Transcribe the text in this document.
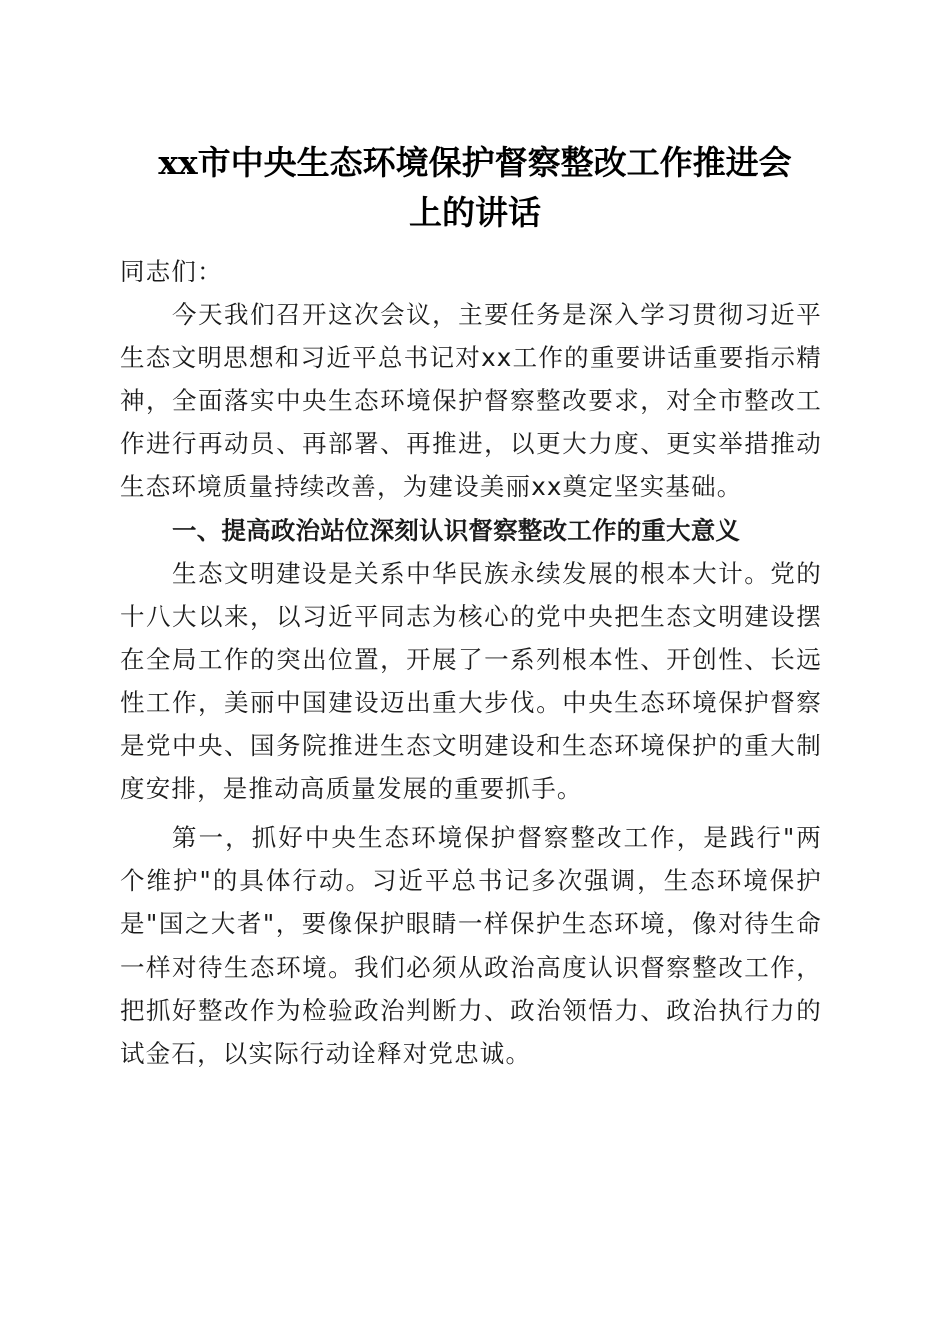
xx市中央生态环境保护督察整改工作推进会
上的讲话

同志们：

今天我们召开这次会议，主要任务是深入学习贯彻习近平生态文明思想和习近平总书记对xx工作的重要讲话重要指示精神，全面落实中央生态环境保护督察整改要求，对全市整改工作进行再动员、再部署、再推进，以更大力度、更实举措推动生态环境质量持续改善，为建设美丽xx奠定坚实基础。

一、提高政治站位深刻认识督察整改工作的重大意义

生态文明建设是关系中华民族永续发展的根本大计。党的十八大以来，以习近平同志为核心的党中央把生态文明建设摆在全局工作的突出位置，开展了一系列根本性、开创性、长远性工作，美丽中国建设迈出重大步伐。中央生态环境保护督察是党中央、国务院推进生态文明建设和生态环境保护的重大制度安排，是推动高质量发展的重要抓手。

第一，抓好中央生态环境保护督察整改工作，是践行"两个维护"的具体行动。习近平总书记多次强调，生态环境保护是"国之大者"，要像保护眼睛一样保护生态环境，像对待生命一样对待生态环境。我们必须从政治高度认识督察整改工作，把抓好整改作为检验政治判断力、政治领悟力、政治执行力的试金石，以实际行动诠释对党忠诚。
